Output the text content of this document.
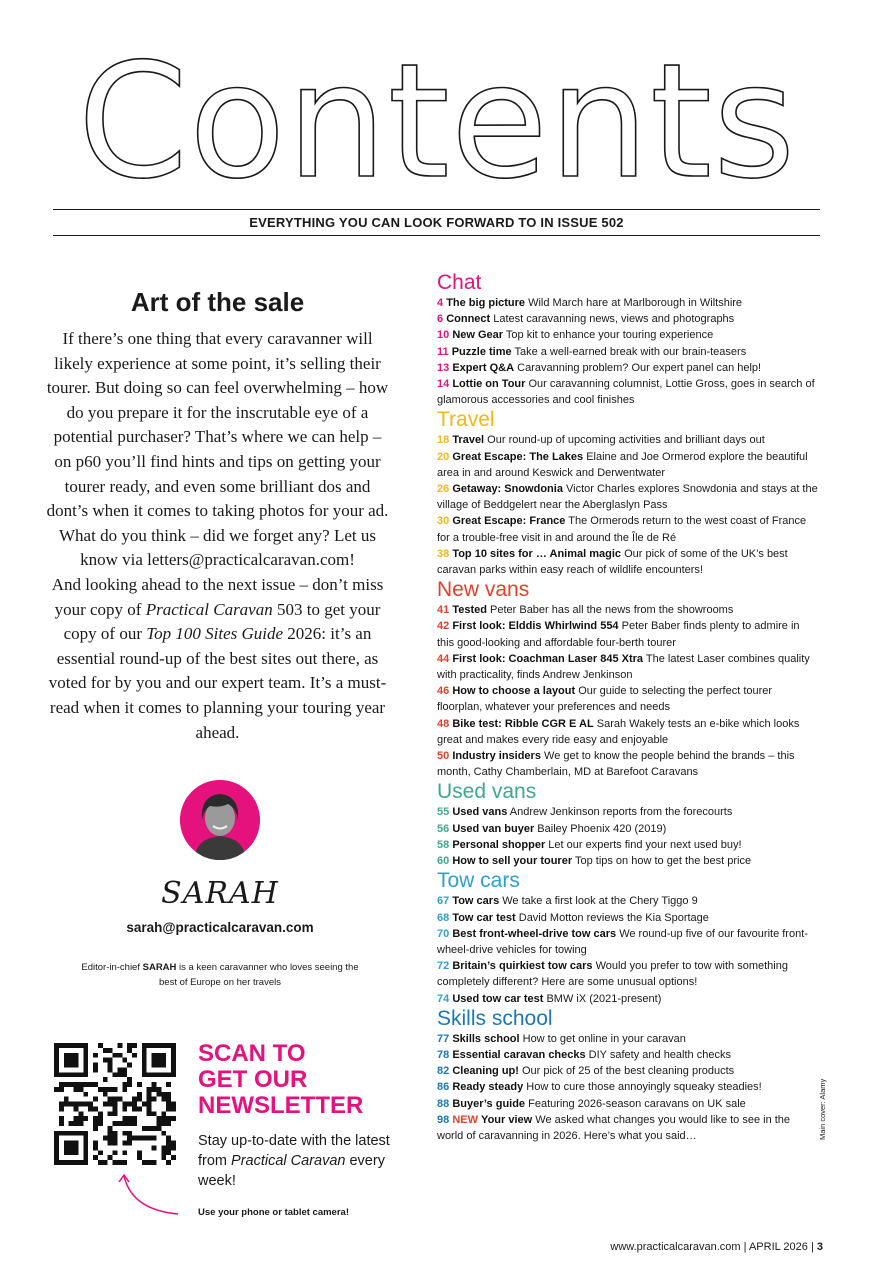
Contents
EVERYTHING YOU CAN LOOK FORWARD TO IN ISSUE 502
Art of the sale

If there’s one thing that every caravanner will likely experience at some point, it’s selling their tourer. But doing so can feel overwhelming – how do you prepare it for the inscrutable eye of a potential purchaser? That’s where we can help – on p60 you’ll find hints and tips on getting your tourer ready, and even some brilliant dos and dont’s when it comes to taking photos for your ad. What do you think – did we forget any? Let us know via letters@practicalcaravan.com!

And looking ahead to the next issue – don’t miss your copy of Practical Caravan 503 to get your copy of our Top 100 Sites Guide 2026: it’s an essential round-up of the best sites out there, as voted for by you and our expert team. It’s a must-read when it comes to planning your touring year ahead.

SARAH
sarah@practicalcaravan.com
Editor-in-chief SARAH is a keen caravanner who loves seeing the best of Europe on her travels
SCAN TO
GET OUR
NEWSLETTER
Stay up-to-date with the latest from Practical Caravan every week!
Use your phone or tablet camera!
Chat
4 The big picture Wild March hare at Marlborough in Wiltshire
6 Connect Latest caravanning news, views and photographs
10 New Gear Top kit to enhance your touring experience
11 Puzzle time Take a well-earned break with our brain-teasers
13 Expert Q&A Caravanning problem? Our expert panel can help!
14 Lottie on Tour Our caravanning columnist, Lottie Gross, goes in search of glamorous accessories and cool finishes
Travel
18 Travel Our round-up of upcoming activities and brilliant days out
20 Great Escape: The Lakes Elaine and Joe Ormerod explore the beautiful area in and around Keswick and Derwentwater
26 Getaway: Snowdonia Victor Charles explores Snowdonia and stays at the village of Beddgelert near the Aberglaslyn Pass
30 Great Escape: France The Ormerods return to the west coast of France for a trouble-free visit in and around the Île de Ré
38 Top 10 sites for … Animal magic Our pick of some of the UK’s best caravan parks within easy reach of wildlife encounters!
New vans
41 Tested Peter Baber has all the news from the showrooms
42 First look: Elddis Whirlwind 554 Peter Baber finds plenty to admire in this good-looking and affordable four-berth tourer
44 First look: Coachman Laser 845 Xtra The latest Laser combines quality with practicality, finds Andrew Jenkinson
46 How to choose a layout Our guide to selecting the perfect tourer floorplan, whatever your preferences and needs
48 Bike test: Ribble CGR E AL Sarah Wakely tests an e-bike which looks great and makes every ride easy and enjoyable
50 Industry insiders We get to know the people behind the brands – this month, Cathy Chamberlain, MD at Barefoot Caravans
Used vans
55 Used vans Andrew Jenkinson reports from the forecourts
56 Used van buyer Bailey Phoenix 420 (2019)
58 Personal shopper Let our experts find your next used buy!
60 How to sell your tourer Top tips on how to get the best price
Tow cars
67 Tow cars We take a first look at the Chery Tiggo 9
68 Tow car test David Motton reviews the Kia Sportage
70 Best front-wheel-drive tow cars We round-up five of our favourite front-wheel-drive vehicles for towing
72 Britain’s quirkiest tow cars Would you prefer to tow with something completely different? Here are some unusual options!
74 Used tow car test BMW iX (2021-present)
Skills school
77 Skills school How to get online in your caravan
78 Essential caravan checks DIY safety and health checks
82 Cleaning up! Our pick of 25 of the best cleaning products
86 Ready steady How to cure those annoyingly squeaky steadies!
88 Buyer’s guide Featuring 2026-season caravans on UK sale
98 NEW Your view We asked what changes you would like to see in the world of caravanning in 2026. Here’s what you said…	Main cover: Alamy
www.practicalcaravan.com | APRIL 2026 | 3
